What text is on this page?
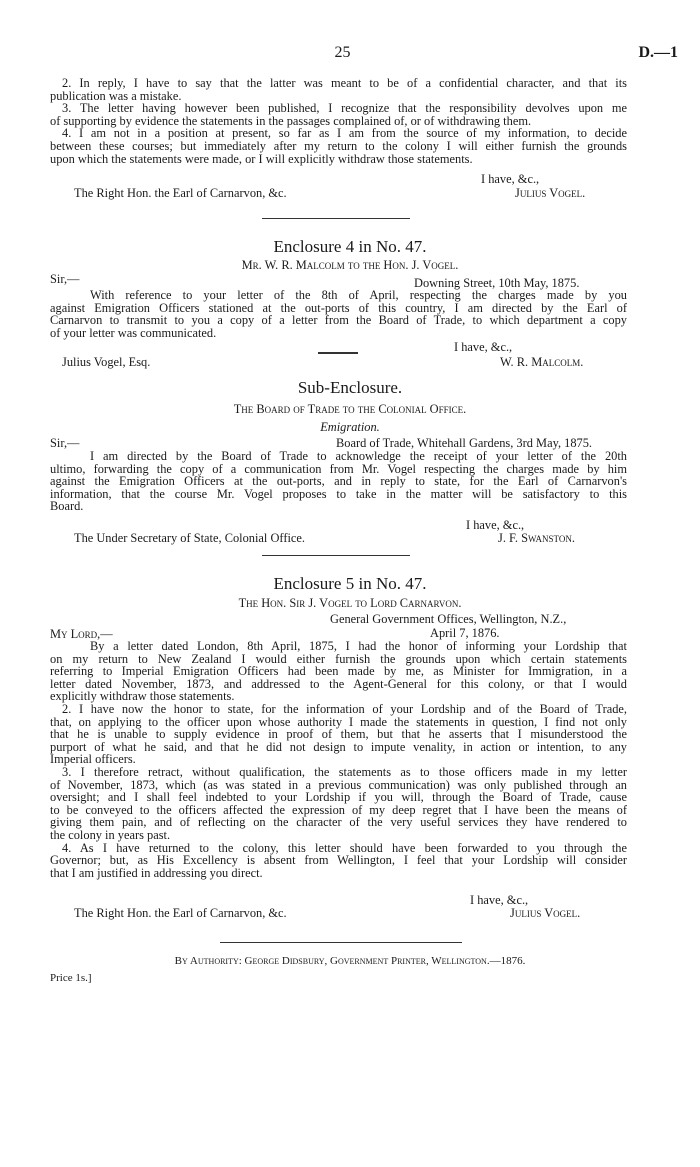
25	D.—1
2. In reply, I have to say that the latter was meant to be of a confidential character, and that its
publication was a mistake.
3. The letter having however been published, I recognize that the responsibility devolves upon me
of supporting by evidence the statements in the passages complained of, or of withdrawing them.
4. I am not in a position at present, so far as I am from the source of my information, to decide
between these courses; but immediately after my return to the colony I will either furnish the grounds
upon which the statements were made, or I will explicitly withdraw those statements.
I have, &c.,
The Right Hon. the Earl of Carnarvon, &c.	Julius Vogel.
Enclosure 4 in No. 47.
Mr. W. R. Malcolm to the Hon. J. Vogel.
Sir,—	Downing Street, 10th May, 1875.
With reference to your letter of the 8th of April, respecting the charges made by you
against Emigration Officers stationed at the out-ports of this country, I am directed by the Earl of
Carnarvon to transmit to you a copy of a letter from the Board of Trade, to which department a copy
of your letter was communicated.
I have, &c.,
Julius Vogel, Esq.	W. R. Malcolm.
Sub-Enclosure.
The Board of Trade to the Colonial Office.
Emigration.
Sir,—	Board of Trade, Whitehall Gardens, 3rd May, 1875.
I am directed by the Board of Trade to acknowledge the receipt of your letter of the 20th
ultimo, forwarding the copy of a communication from Mr. Vogel respecting the charges made by him
against the Emigration Officers at the out-ports, and in reply to state, for the Earl of Carnarvon's
information, that the course Mr. Vogel proposes to take in the matter will be satisfactory to this
Board.
I have, &c.,
The Under Secretary of State, Colonial Office.	J. F. Swanston.
Enclosure 5 in No. 47.
The Hon. Sir J. Vogel to Lord Carnarvon.
General Government Offices, Wellington, N.Z.,
My Lord,—	April 7, 1876.
By a letter dated London, 8th April, 1875, I had the honor of informing your Lordship that
on my return to New Zealand I would either furnish the grounds upon which certain statements
referring to Imperial Emigration Officers had been made by me, as Minister for Immigration, in a
letter dated November, 1873, and addressed to the Agent-General for this colony, or that I would
explicitly withdraw those statements.
2. I have now the honor to state, for the information of your Lordship and of the Board of Trade,
that, on applying to the officer upon whose authority I made the statements in question, I find not only
that he is unable to supply evidence in proof of them, but that he asserts that I misunderstood the
purport of what he said, and that he did not design to impute venality, in action or intention, to any
Imperial officers.
3. I therefore retract, without qualification, the statements as to those officers made in my letter
of November, 1873, which (as was stated in a previous communication) was only published through an
oversight; and I shall feel indebted to your Lordship if you will, through the Board of Trade, cause
to be conveyed to the officers affected the expression of my deep regret that I have been the means of
giving them pain, and of reflecting on the character of the very useful services they have rendered to
the colony in years past.
4. As I have returned to the colony, this letter should have been forwarded to you through the
Governor; but, as His Excellency is absent from Wellington, I feel that your Lordship will consider
that I am justified in addressing you direct.
I have, &c.,
The Right Hon. the Earl of Carnarvon, &c.	Julius Vogel.
By Authority: George Didsbury, Government Printer, Wellington.—1876.
Price 1s.]
